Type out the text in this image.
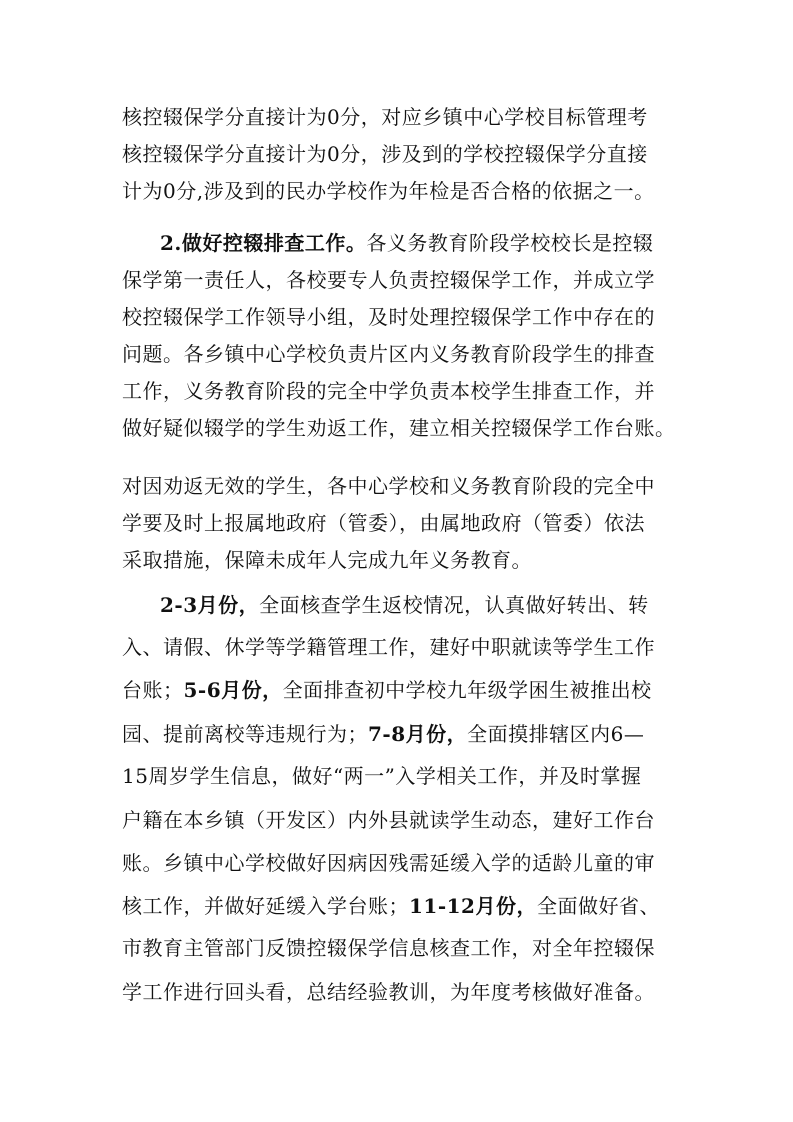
核控辍保学分直接计为0分，对应乡镇中心学校目标管理考
核控辍保学分直接计为0分，涉及到的学校控辍保学分直接
计为0分,涉及到的民办学校作为年检是否合格的依据之一。
2.做好控辍排查工作。各义务教育阶段学校校长是控辍
保学第一责任人，各校要专人负责控辍保学工作，并成立学
校控辍保学工作领导小组，及时处理控辍保学工作中存在的
问题。各乡镇中心学校负责片区内义务教育阶段学生的排查
工作，义务教育阶段的完全中学负责本校学生排查工作，并
做好疑似辍学的学生劝返工作，建立相关控辍保学工作台账。
对因劝返无效的学生，各中心学校和义务教育阶段的完全中
学要及时上报属地政府（管委），由属地政府（管委）依法
采取措施，保障未成年人完成九年义务教育。
2-3月份，全面核查学生返校情况，认真做好转出、转
入、请假、休学等学籍管理工作，建好中职就读等学生工作
台账；5-6月份，全面排查初中学校九年级学困生被推出校
园、提前离校等违规行为；7-8月份，全面摸排辖区内6—
15周岁学生信息，做好“两一”入学相关工作，并及时掌握
户籍在本乡镇（开发区）内外县就读学生动态，建好工作台
账。乡镇中心学校做好因病因残需延缓入学的适龄儿童的审
核工作，并做好延缓入学台账；11-12月份，全面做好省、
市教育主管部门反馈控辍保学信息核查工作，对全年控辍保
学工作进行回头看，总结经验教训，为年度考核做好准备。
